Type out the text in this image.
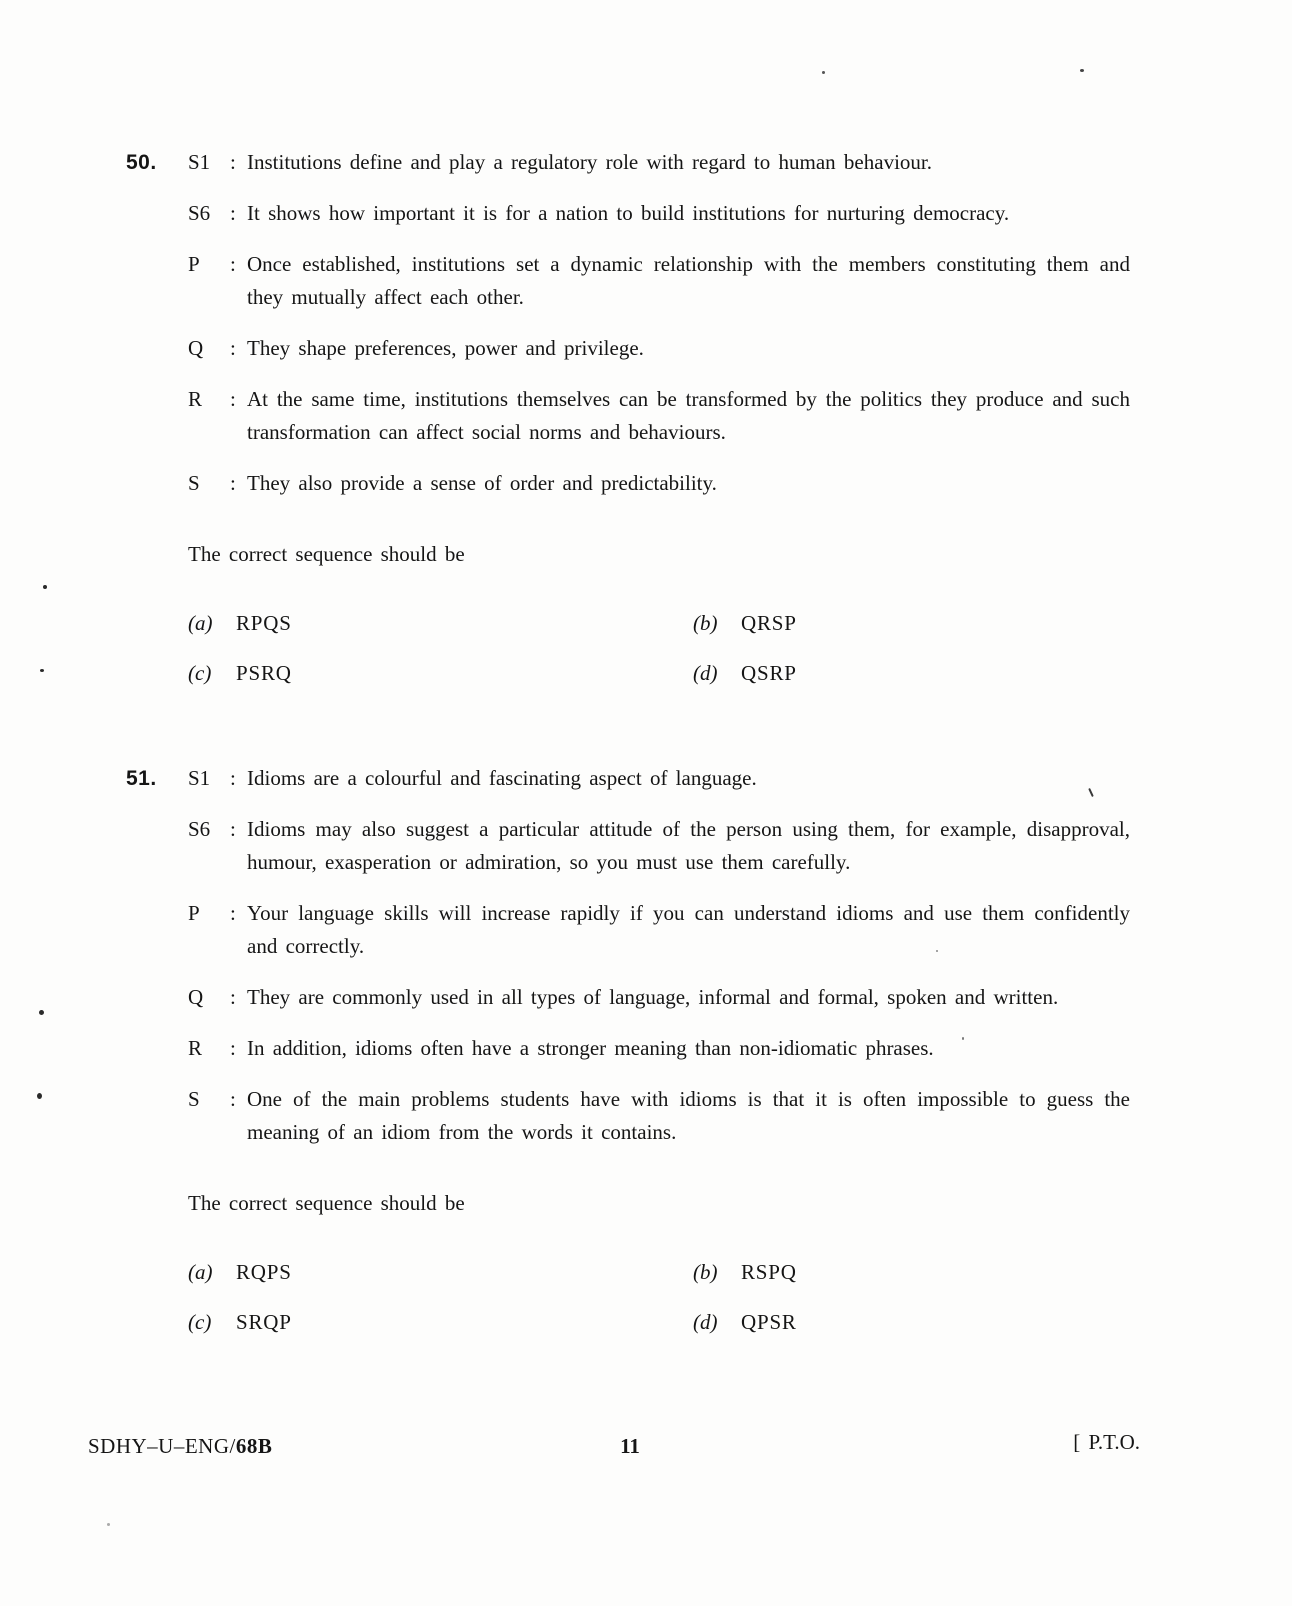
50.	S1 : Institutions define and play a regulatory role with regard to human behaviour.
S6 : It shows how important it is for a nation to build institutions for nurturing democracy.
P	: Once established, institutions set a dynamic relationship with the members constituting them and they mutually affect each other.
Q	: They shape preferences, power and privilege.
R	: At the same time, institutions themselves can be transformed by the politics they produce and such transformation can affect social norms and behaviours.
S	: They also provide a sense of order and predictability.
The correct sequence should be
(a)	RPQS	(b)	QRSP
(c)	PSRQ	(d)	QSRP
51.	S1 : Idioms are a colourful and fascinating aspect of language.
S6 : Idioms may also suggest a particular attitude of the person using them, for example, disapproval, humour, exasperation or admiration, so you must use them carefully.
P	: Your language skills will increase rapidly if you can understand idioms and use them confidently and correctly.
Q	: They are commonly used in all types of language, informal and formal, spoken and written.
R	: In addition, idioms often have a stronger meaning than non-idiomatic phrases.
S	: One of the main problems students have with idioms is that it is often impossible to guess the meaning of an idiom from the words it contains.
The correct sequence should be
(a)	RQPS	(b)	RSPQ
(c)	SRQP	(d)	QPSR
SDHY–U–ENG/68B	11	[ P.T.O.
